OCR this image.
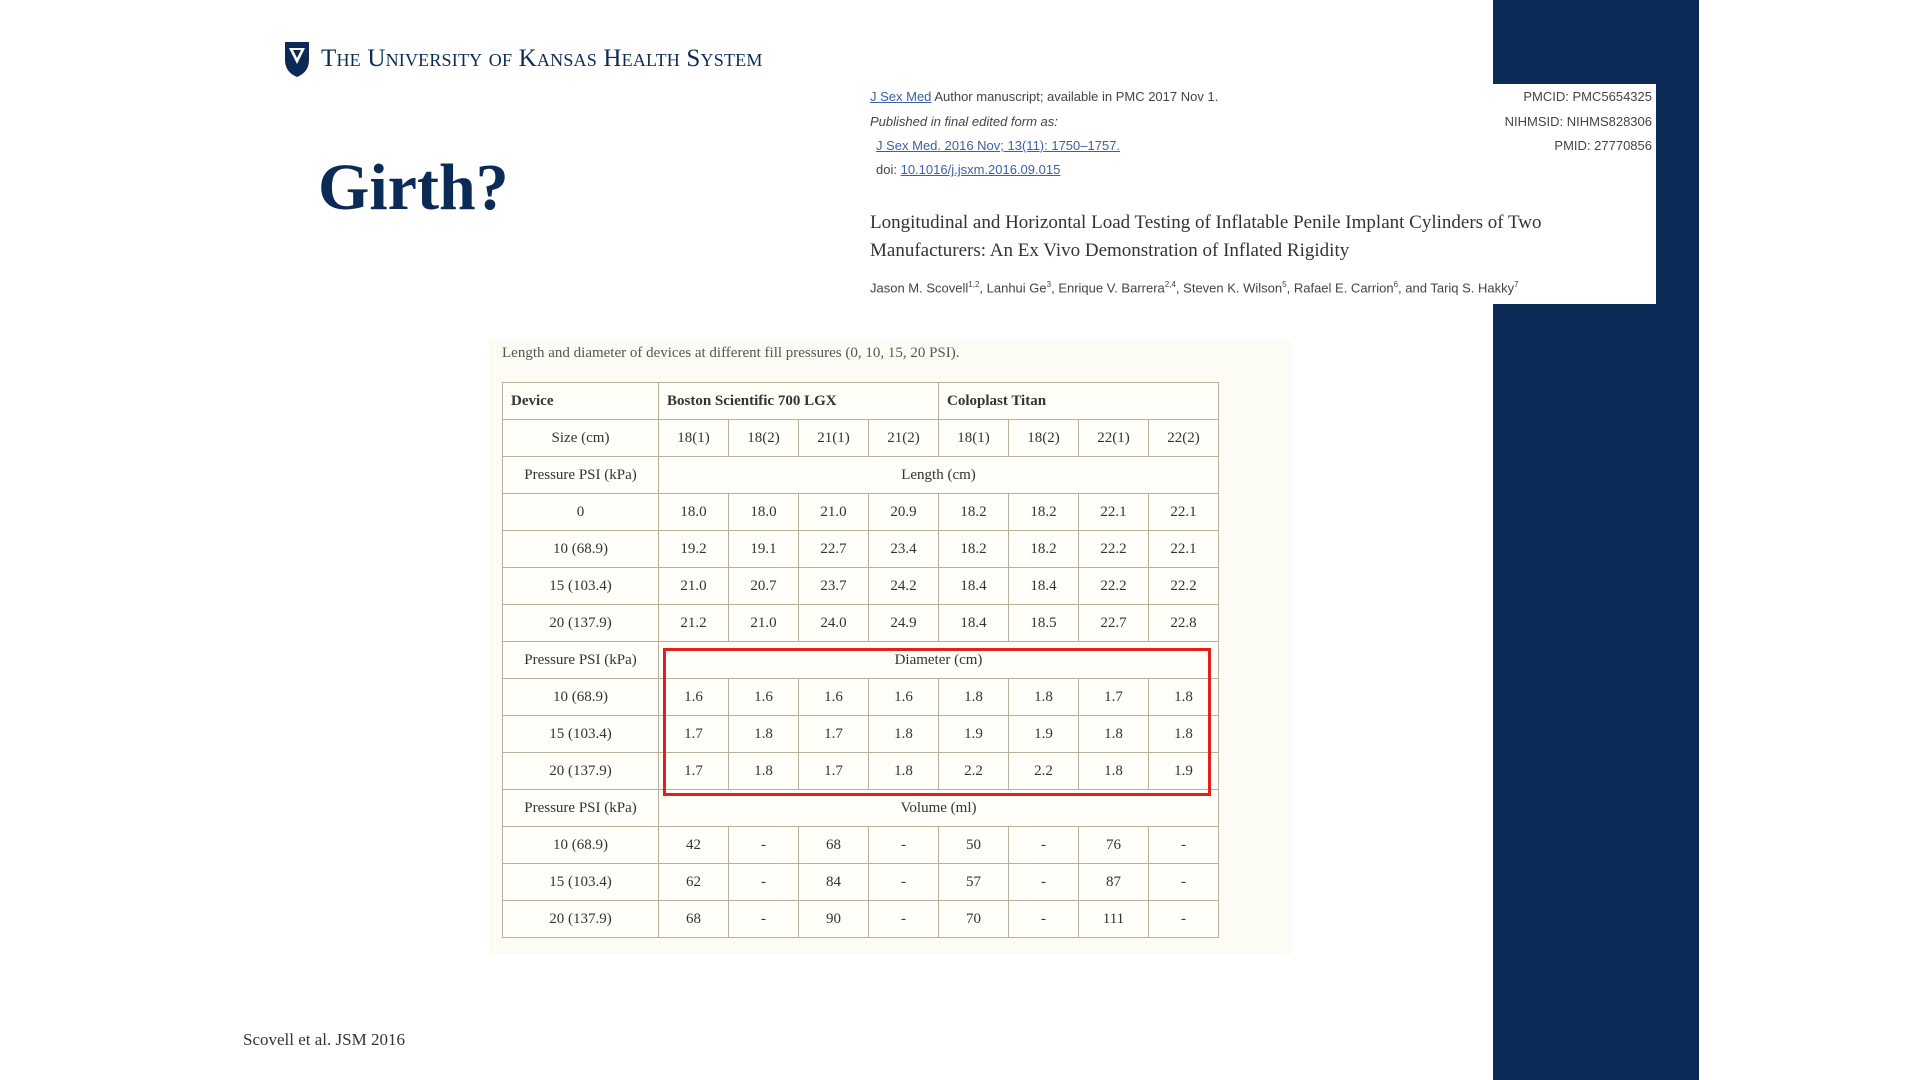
The University of Kansas Health System
Girth?
J Sex Med Author manuscript; available in PMC 2017 Nov 1.
Published in final edited form as:
J Sex Med. 2016 Nov; 13(11): 1750–1757.
doi: 10.1016/j.jsxm.2016.09.015
PMCID: PMC5654325
NIHMSID: NIHMS828306
PMID: 27770856
Longitudinal and Horizontal Load Testing of Inflatable Penile Implant Cylinders of Two Manufacturers: An Ex Vivo Demonstration of Inflated Rigidity
Jason M. Scovell$^{1,2}$, Lanhui Ge$^3$, Enrique V. Barrera$^{2,4}$, Steven K. Wilson$^5$, Rafael E. Carrion$^6$, and Tariq S. Hakky$^7$
Length and diameter of devices at different fill pressures (0, 10, 15, 20 PSI).
Device	Boston Scientific 700 LGX				Coloplast Titan			
Size (cm)	18(1)	18(2)	21(1)	21(2)	18(1)	18(2)	22(1)	22(2)
Pressure PSI (kPa)	Length (cm)							
0	18.0	18.0	21.0	20.9	18.2	18.2	22.1	22.1
10 (68.9)	19.2	19.1	22.7	23.4	18.2	18.2	22.2	22.1
15 (103.4)	21.0	20.7	23.7	24.2	18.4	18.4	22.2	22.2
20 (137.9)	21.2	21.0	24.0	24.9	18.4	18.5	22.7	22.8
Pressure PSI (kPa)	Diameter (cm)							
10 (68.9)	1.6	1.6	1.6	1.6	1.8	1.8	1.7	1.8
15 (103.4)	1.7	1.8	1.7	1.8	1.9	1.9	1.8	1.8
20 (137.9)	1.7	1.8	1.7	1.8	2.2	2.2	1.8	1.9
Pressure PSI (kPa)	Volume (ml)							
10 (68.9)	42	-	68	-	50	-	76	-
15 (103.4)	62	-	84	-	57	-	87	-
20 (137.9)	68	-	90	-	70	-	111	-
Scovell et al. JSM 2016
